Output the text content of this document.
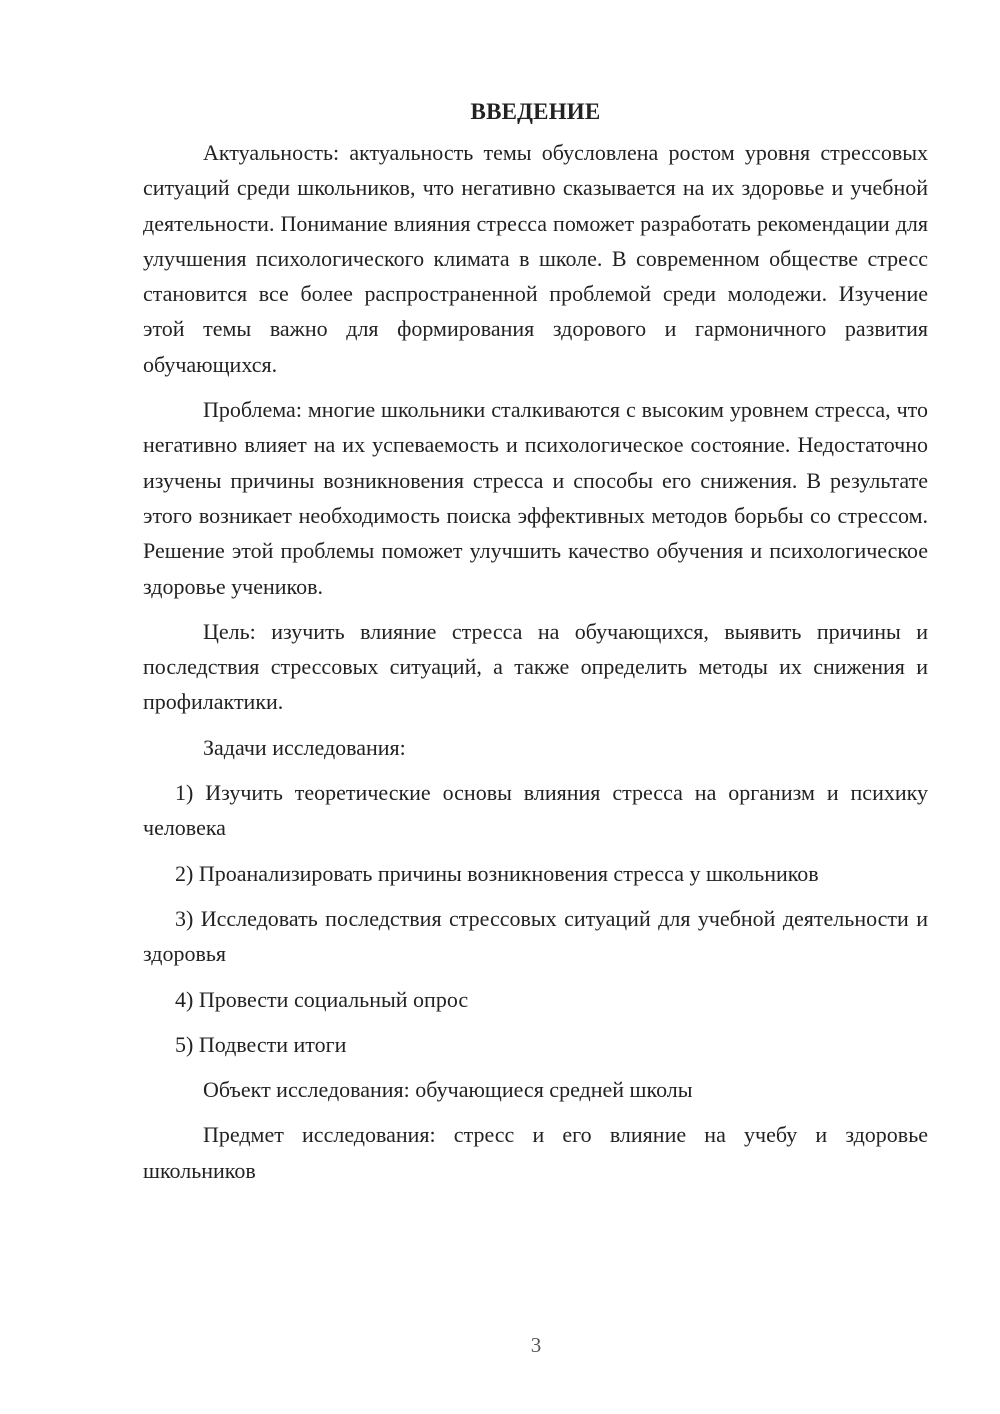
ВВЕДЕНИЕ

Актуальность: актуальность темы обусловлена ростом уровня стрессовых ситуаций среди школьников, что негативно сказывается на их здоровье и учебной деятельности. Понимание влияния стресса поможет разработать рекомендации для улучшения психологического климата в школе. В современном обществе стресс становится все более распространенной проблемой среди молодежи. Изучение этой темы важно для формирования здорового и гармоничного развития обучающихся.

Проблема: многие школьники сталкиваются с высоким уровнем стресса, что негативно влияет на их успеваемость и психологическое состояние. Недостаточно изучены причины возникновения стресса и способы его снижения. В результате этого возникает необходимость поиска эффективных методов борьбы со стрессом. Решение этой проблемы поможет улучшить качество обучения и психологическое здоровье учеников.

Цель: изучить влияние стресса на обучающихся, выявить причины и последствия стрессовых ситуаций, а также определить методы их снижения и профилактики.

Задачи исследования:

1) Изучить теоретические основы влияния стресса на организм и психику человека

2) Проанализировать причины возникновения стресса у школьников

3) Исследовать последствия стрессовых ситуаций для учебной деятельности и здоровья

4) Провести социальный опрос

5) Подвести итоги

Объект исследования: обучающиеся средней школы

Предмет исследования: стресс и его влияние на учебу и здоровье школьников

3
